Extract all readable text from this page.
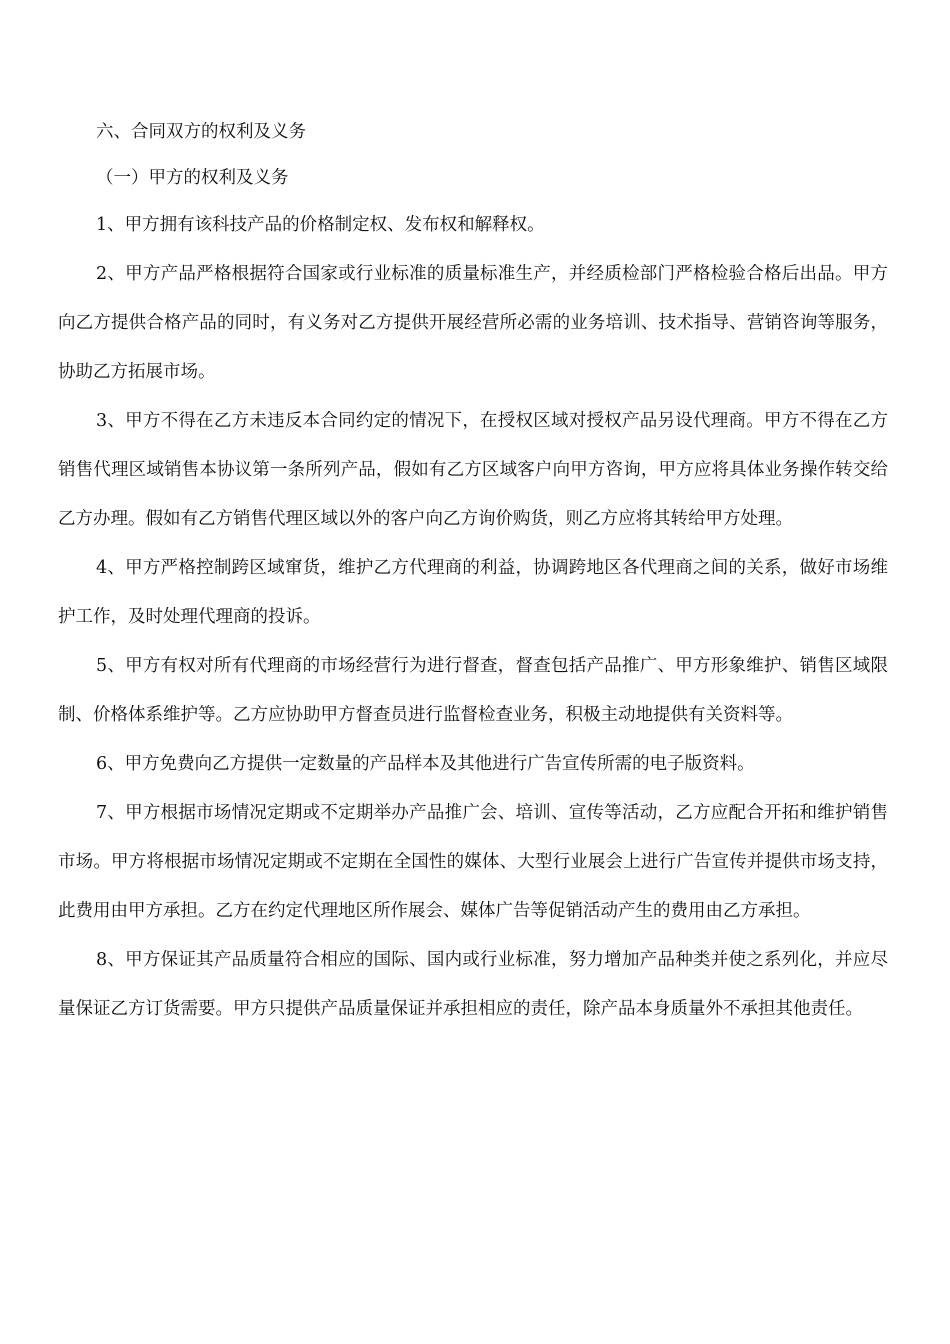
六、合同双方的权利及义务

（一）甲方的权利及义务

1、甲方拥有该科技产品的价格制定权、发布权和解释权。

2、甲方产品严格根据符合国家或行业标准的质量标准生产，并经质检部门严格检验合格后出品。甲方向乙方提供合格产品的同时，有义务对乙方提供开展经营所必需的业务培训、技术指导、营销咨询等服务，协助乙方拓展市场。

3、甲方不得在乙方未违反本合同约定的情况下，在授权区域对授权产品另设代理商。甲方不得在乙方销售代理区域销售本协议第一条所列产品，假如有乙方区域客户向甲方咨询，甲方应将具体业务操作转交给乙方办理。假如有乙方销售代理区域以外的客户向乙方询价购货，则乙方应将其转给甲方处理。

4、甲方严格控制跨区域窜货，维护乙方代理商的利益，协调跨地区各代理商之间的关系，做好市场维护工作，及时处理代理商的投诉。

5、甲方有权对所有代理商的市场经营行为进行督查，督查包括产品推广、甲方形象维护、销售区域限制、价格体系维护等。乙方应协助甲方督查员进行监督检查业务，积极主动地提供有关资料等。

6、甲方免费向乙方提供一定数量的产品样本及其他进行广告宣传所需的电子版资料。

7、甲方根据市场情况定期或不定期举办产品推广会、培训、宣传等活动，乙方应配合开拓和维护销售市场。甲方将根据市场情况定期或不定期在全国性的媒体、大型行业展会上进行广告宣传并提供市场支持，此费用由甲方承担。乙方在约定代理地区所作展会、媒体广告等促销活动产生的费用由乙方承担。

8、甲方保证其产品质量符合相应的国际、国内或行业标准，努力增加产品种类并使之系列化，并应尽量保证乙方订货需要。甲方只提供产品质量保证并承担相应的责任，除产品本身质量外不承担其他责任。
